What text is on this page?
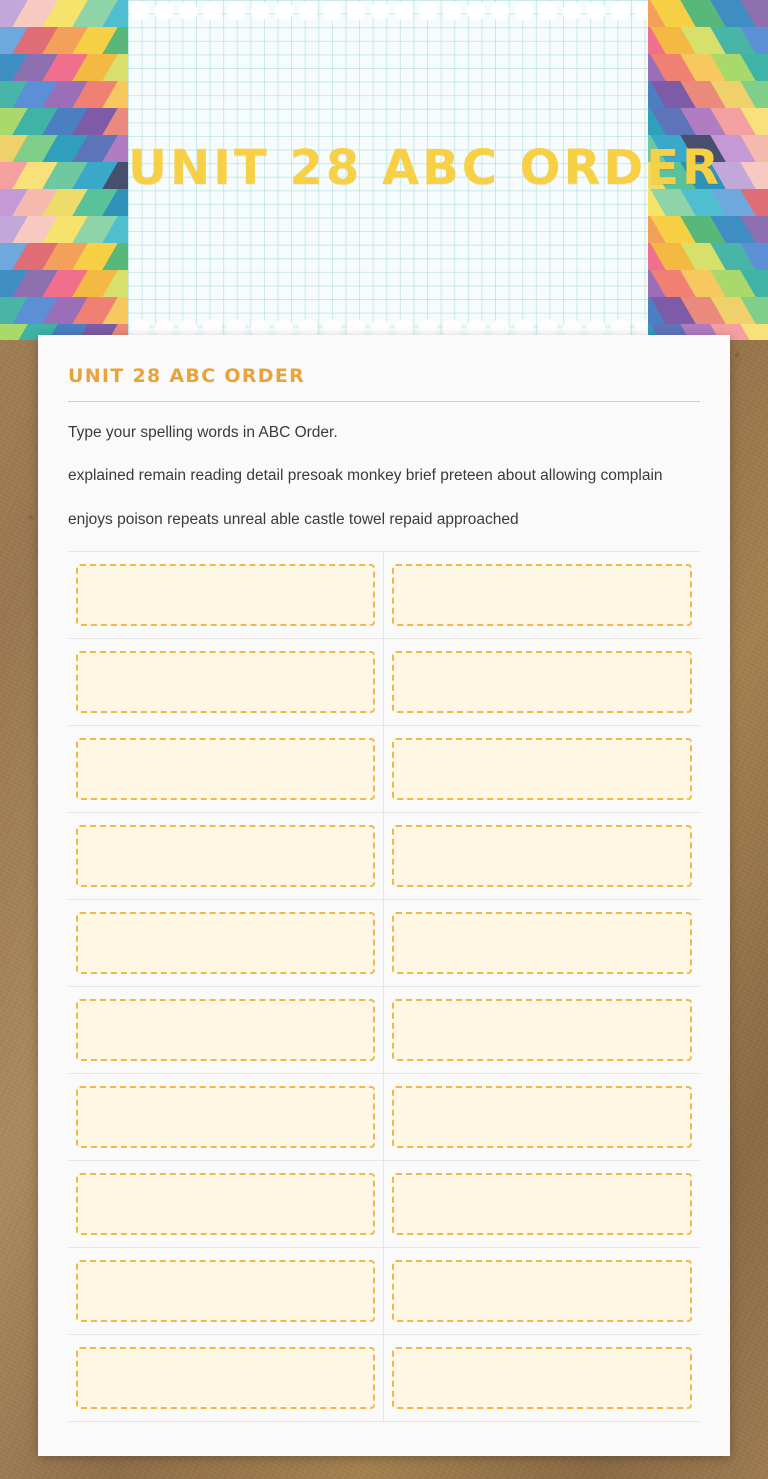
UNIT 28 ABC ORDER
UNIT 28 ABC ORDER

Type your spelling words in ABC Order.

explained remain reading detail presoak monkey brief preteen about allowing complain

enjoys poison repeats unreal able castle towel repaid approached
